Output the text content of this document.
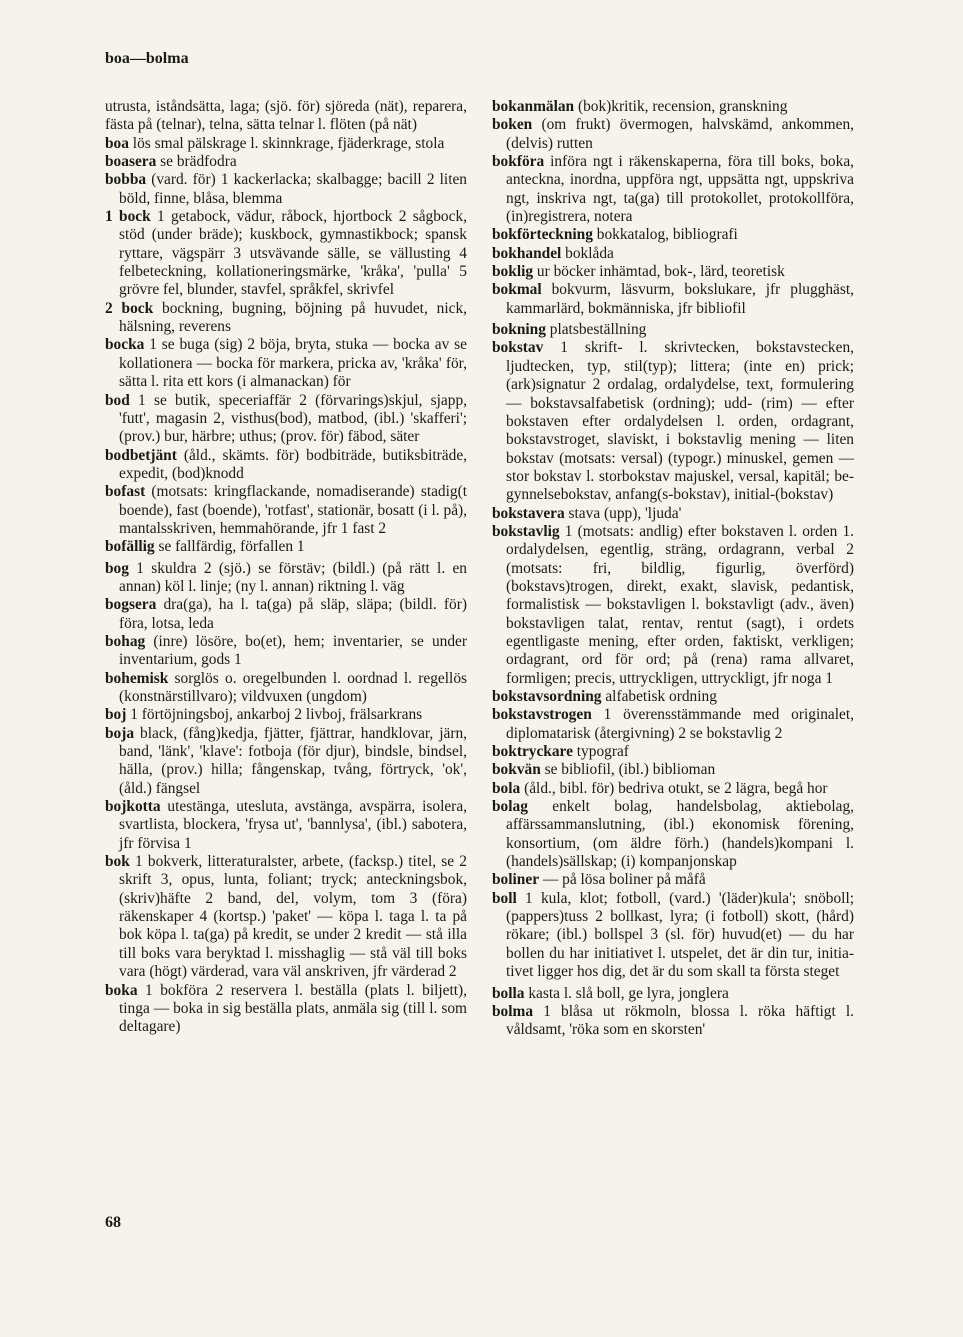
boa—bolma

utrusta, iståndsätta, laga; (sjö. för) sjöreda (nät), reparera, fästa på (telnar), telna, sätta telnar l. flöten (på nät)

boa lös smal pälskrage l. skinnkrage, fjäderkrage, stola

boasera se brädfodra

bobba (vard. för) 1 kackerlacka; skalbagge; bacill 2 liten böld, finne, blåsa, blemma

1 bock 1 getabock, vädur, råbock, hjortbock 2 sågbock, stöd (under bräde); kuskbock, gymnastikbock; spansk ryttare, vägspärr 3 utsvävande sälle, se vällusting 4 felbeteckning, kollationeringsmärke, 'kråka', 'pulla' 5 grövre fel, blunder, stavfel, språkfel, skrivfel

2 bock bockning, bugning, böjning på huvudet, nick, hälsning, reverens

bocka 1 se buga (sig) 2 böja, bryta, stuka — bocka av se kollationera — bocka för markera, pricka av, 'kråka' för, sätta l. rita ett kors (i almanackan) för

bod 1 se butik, speceriaffär 2 (förvarings)skjul, sjapp, 'futt', magasin 2, visthus(bod), matbod, (ibl.) 'skafferi'; (prov.) bur, härbre; uthus; (prov. för) fäbod, säter

bodbetjänt (åld., skämts. för) bodbiträde, butiksbiträde, expedit, (bod)knodd

bofast (motsats: kringflackande, nomadiserande) stadig(t boende), fast (boende), 'rotfast', stationär, bosatt (i l. på), mantalsskriven, hemmahörande, jfr 1 fast 2

bofällig se fallfärdig, förfallen 1

bog 1 skuldra 2 (sjö.) se förstäv; (bildl.) (på rätt l. en annan) köl l. linje; (ny l. annan) riktning l. väg

bogsera dra(ga), ha l. ta(ga) på släp, släpa; (bildl. för) föra, lotsa, leda

bohag (inre) lösöre, bo(et), hem; inventarier, se under inventarium, gods 1

bohemisk sorglös o. oregelbunden l. oordnad l. regellös (konstnärstillvaro); vildvuxen (ungdom)

boj 1 förtöjningsboj, ankarboj 2 livboj, frälsarkrans

boja black, (fång)kedja, fjätter, fjättrar, handklovar, järn, band, 'länk', 'klave': fotboja (för djur), bindsle, bindsel, hälla, (prov.) hilla; fångenskap, tvång, förtryck, 'ok', (åld.) fängsel

bojkotta utestänga, utesluta, avstänga, avspärra, isolera, svartlista, blockera, 'frysa ut', 'bannlysa', (ibl.) sabotera, jfr förvisa 1

bok 1 bokverk, litteraturalster, arbete, (facksp.) titel, se 2 skrift 3, opus, lunta, foliant; tryck; anteckningsbok, (skriv)häfte 2 band, del, volym, tom 3 (föra) räkenskaper 4 (kortsp.) 'paket' — köpa l. taga l. ta på bok köpa l. ta(ga) på kredit, se under 2 kredit — stå illa till boks vara beryktad l. misshaglig — stå väl till boks vara (högt) värderad, vara väl anskriven, jfr värderad 2

boka 1 bokföra 2 reservera l. beställa (plats l. biljett), tinga — boka in sig beställa plats, anmäla sig (till l. som deltagare)

bokanmälan (bok)kritik, recension, granskning

boken (om frukt) övermogen, halvskämd, ankommen, (delvis) rutten

bokföra införa ngt i räkenskaperna, föra till boks, boka, anteckna, inordna, uppföra ngt, uppsätta ngt, uppskriva ngt, inskriva ngt, ta(ga) till protokollet, protokollföra, (in)registrera, notera

bokförteckning bokkatalog, bibliografi

bokhandel boklåda

boklig ur böcker inhämtad, bok-, lärd, teoretisk

bokmal bokvurm, läsvurm, bokslukare, jfr plugghäst, kammarlärd, bokmänniska, jfr bibliofil

bokning platsbeställning

bokstav 1 skrift- l. skrivtecken, bokstavstecken, ljudtecken, typ, stil(typ); littera; (inte en) prick; (ark)signatur 2 ordalag, ordalydelse, text, formulering — bokstavsalfabetisk (ordning); udd- (rim) — efter bokstaven efter ordalydelsen l. orden, ordagrant, bokstavstroget, slaviskt, i bokstavlig mening — liten bokstav (motsats: versal) (typogr.) minuskel, gemen — stor bokstav l. storbokstav majuskel, versal, kapitäl; begynnelsebokstav, anfang(s-bokstav), initial-(bokstav)

bokstavera stava (upp), 'ljuda'

bokstavlig 1 (motsats: andlig) efter bokstaven l. orden 1. ordalydelsen, egentlig, sträng, ordagrann, verbal 2 (motsats: fri, bildlig, figurlig, överförd) (bokstavs)trogen, direkt, exakt, slavisk, pedantisk, formalistisk — bokstavligen l. bokstavligt (adv., även) bokstavligen talat, rentav, rentut (sagt), i ordets egentligaste mening, efter orden, faktiskt, verkligen; ordagrant, ord för ord; på (rena) rama allvaret, formligen; precis, uttryckligen, uttryckligt, jfr noga 1

bokstavsordning alfabetisk ordning

bokstavstrogen 1 överensstämmande med originalet, diplomatarisk (återgivning) 2 se bokstavlig 2

boktryckare typograf

bokvän se bibliofil, (ibl.) biblioman

bola (åld., bibl. för) bedriva otukt, se 2 lägra, begå hor

bolag enkelt bolag, handelsbolag, aktiebolag, affärssammanslutning, (ibl.) ekonomisk förening, konsortium, (om äldre förh.) (handels)kompani l. (handels)sällskap; (i) kompanjonskap

boliner — på lösa boliner på måfå

boll 1 kula, klot; fotboll, (vard.) '(läder)kula'; snöboll; (pappers)tuss 2 bollkast, lyra; (i fotboll) skott, (hård) rökare; (ibl.) bollspel 3 (sl. för) huvud(et) — du har bollen du har initiativet l. utspelet, det är din tur, initiativet ligger hos dig, det är du som skall ta första steget

bolla kasta l. slå boll, ge lyra, jonglera

bolma 1 blåsa ut rökmoln, blossa l. röka häftigt l. våldsamt, 'röka som en skorsten'

68
